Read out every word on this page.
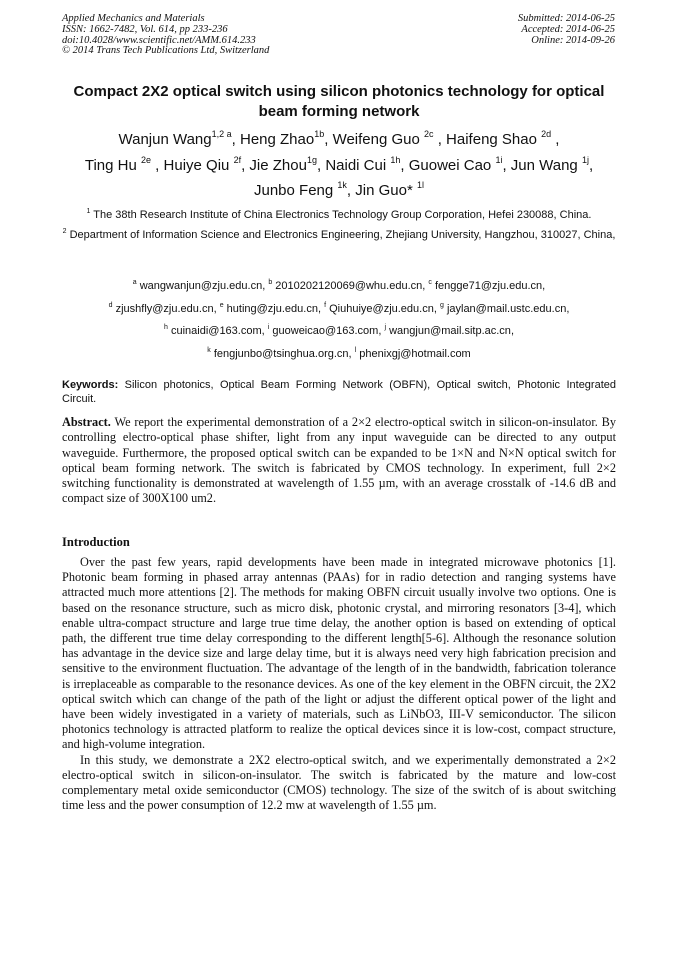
Applied Mechanics and Materials
ISSN: 1662-7482, Vol. 614, pp 233-236
doi:10.4028/www.scientific.net/AMM.614.233
© 2014 Trans Tech Publications Ltd, Switzerland
Submitted: 2014-06-25
Accepted: 2014-06-25
Online: 2014-09-26
Compact 2X2 optical switch using silicon photonics technology for optical beam forming network
Wanjun Wang$^{1,2 a}$, Heng Zhao$^{1b}$, Weifeng Guo $^{2c}$ , Haifeng Shao $^{2d}$ ,
Ting Hu $^{2e}$ , Huiye Qiu $^{2f}$, Jie Zhou$^{1g}$, Naidi Cui $^{1h}$, Guowei Cao $^{1i}$, Jun Wang $^{1j}$,
Junbo Feng $^{1k}$, Jin Guo* $^{1l}$
$^1$ The 38th Research Institute of China Electronics Technology Group Corporation, Hefei 230088, China.
$^2$ Department of Information Science and Electronics Engineering, Zhejiang University, Hangzhou, 310027, China,
$^a$ wangwanjun@zju.edu.cn, $^b$ 2010202120069@whu.edu.cn, $^c$ fengge71@zju.edu.cn,
$^d$ zjushfly@zju.edu.cn, $^e$ huting@zju.edu.cn, $^f$ Qiuhuiye@zju.edu.cn, $^g$ jaylan@mail.ustc.edu.cn,
$^h$ cuinaidi@163.com, $^i$ guoweicao@163.com, $^j$ wangjun@mail.sitp.ac.cn,
$^k$ fengjunbo@tsinghua.org.cn, $^l$ phenixgj@hotmail.com
Keywords: Silicon photonics, Optical Beam Forming Network (OBFN), Optical switch, Photonic Integrated Circuit.
Abstract. We report the experimental demonstration of a 2×2 electro-optical switch in silicon-on-insulator. By controlling electro-optical phase shifter, light from any input waveguide can be directed to any output waveguide. Furthermore, the proposed optical switch can be expanded to be 1×N and N×N optical switch for optical beam forming network. The switch is fabricated by CMOS technology. In experiment, full 2×2 switching functionality is demonstrated at wavelength of 1.55 µm, with an average crosstalk of -14.6 dB and compact size of 300X100 um2.
Introduction

Over the past few years, rapid developments have been made in integrated microwave photonics [1]. Photonic beam forming in phased array antennas (PAAs) for in radio detection and ranging systems have attracted much more attentions [2]. The methods for making OBFN circuit usually involve two options. One is based on the resonance structure, such as micro disk, photonic crystal, and mirroring resonators [3-4], which enable ultra-compact structure and large true time delay, the another option is based on extending of optical path, the different true time delay corresponding to the different length[5-6]. Although the resonance solution has advantage in the device size and large delay time, but it is always need very high fabrication precision and sensitive to the environment fluctuation. The advantage of the length of in the bandwidth, fabrication tolerance is irreplaceable as comparable to the resonance devices. As one of the key element in the OBFN circuit, the 2X2 optical switch which can change of the path of the light or adjust the different optical power of the light and have been widely investigated in a variety of materials, such as LiNbO3, III-V semiconductor. The silicon photonics technology is attracted platform to realize the optical devices since it is low-cost, compact structure, and high-volume integration.

In this study, we demonstrate a 2X2 electro-optical switch, and we experimentally demonstrated a 2×2 electro-optical switch in silicon-on-insulator. The switch is fabricated by the mature and low-cost complementary metal oxide semiconductor (CMOS) technology. The size of the switch of is about switching time less and the power consumption of 12.2 mw at wavelength of 1.55 µm.
